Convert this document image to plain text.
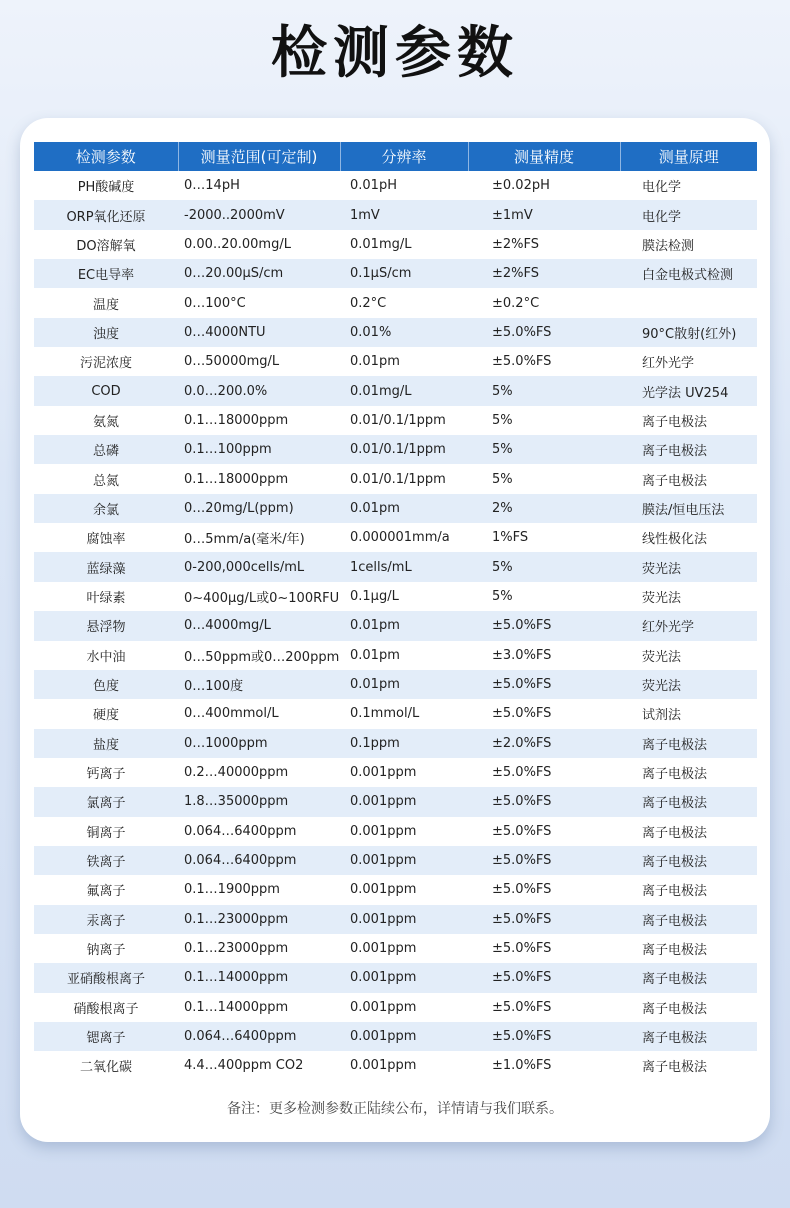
检测参数
检测参数	测量范围(可定制)	分辨率	测量精度	测量原理
PH酸碱度	0…14pH	0.01pH	±0.02pH	电化学
ORP氧化还原	-2000..2000mV	1mV	±1mV	电化学
DO溶解氧	0.00..20.00mg/L	0.01mg/L	±2%FS	膜法检测
EC电导率	0…20.00μS/cm	0.1μS/cm	±2%FS	白金电极式检测
温度	0…100°C	0.2°C	±0.2°C	
浊度	0…4000NTU	0.01%	±5.0%FS	90°C散射(红外)
污泥浓度	0…50000mg/L	0.01pm	±5.0%FS	红外光学
COD	0.0…200.0%	0.01mg/L	5%	光学法 UV254
氨氮	0.1…18000ppm	0.01/0.1/1ppm	5%	离子电极法
总磷	0.1…100ppm	0.01/0.1/1ppm	5%	离子电极法
总氮	0.1…18000ppm	0.01/0.1/1ppm	5%	离子电极法
余氯	0…20mg/L(ppm)	0.01pm	2%	膜法/恒电压法
腐蚀率	0…5mm/a(毫米/年)	0.000001mm/a	1%FS	线性极化法
蓝绿藻	0-200,000cells/mL	1cells/mL	5%	荧光法
叶绿素	0~400μg/L或0~100RFU	0.1μg/L	5%	荧光法
悬浮物	0…4000mg/L	0.01pm	±5.0%FS	红外光学
水中油	0…50ppm或0…200ppm	0.01pm	±3.0%FS	荧光法
色度	0…100度	0.01pm	±5.0%FS	荧光法
硬度	0…400mmol/L	0.1mmol/L	±5.0%FS	试剂法
盐度	0…1000ppm	0.1ppm	±2.0%FS	离子电极法
钙离子	0.2…40000ppm	0.001ppm	±5.0%FS	离子电极法
氯离子	1.8…35000ppm	0.001ppm	±5.0%FS	离子电极法
铜离子	0.064…6400ppm	0.001ppm	±5.0%FS	离子电极法
铁离子	0.064…6400ppm	0.001ppm	±5.0%FS	离子电极法
氟离子	0.1…1900ppm	0.001ppm	±5.0%FS	离子电极法
汞离子	0.1…23000ppm	0.001ppm	±5.0%FS	离子电极法
钠离子	0.1…23000ppm	0.001ppm	±5.0%FS	离子电极法
亚硝酸根离子	0.1…14000ppm	0.001ppm	±5.0%FS	离子电极法
硝酸根离子	0.1…14000ppm	0.001ppm	±5.0%FS	离子电极法
锶离子	0.064…6400ppm	0.001ppm	±5.0%FS	离子电极法
二氧化碳	4.4…400ppm CO2	0.001ppm	±1.0%FS	离子电极法
备注：更多检测参数正陆续公布，详情请与我们联系。
